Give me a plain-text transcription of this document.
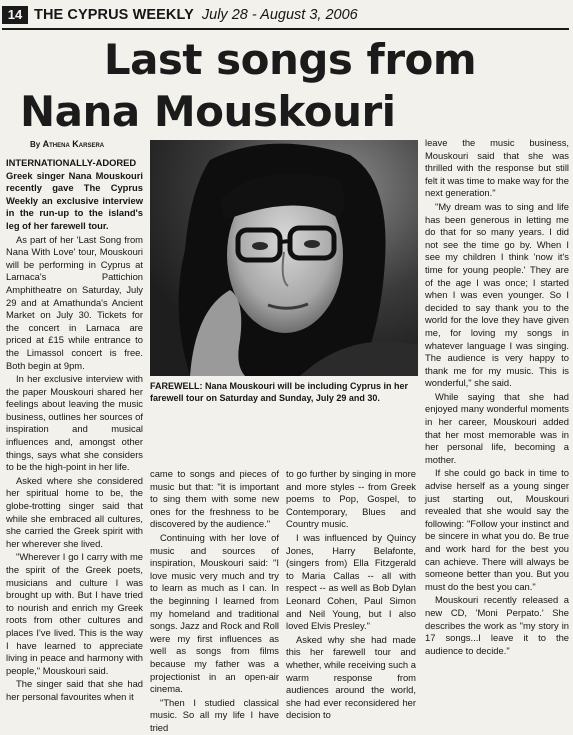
14 THE CYPRUS WEEKLY July 28 - August 3, 2006
Last songs from

Nana Mouskouri
By Athena Karsera

INTERNATIONALLY-ADORED Greek singer Nana Mouskouri recently gave The Cyprus Weekly an exclusive interview in the run-up to the island's leg of her farewell tour.

As part of her 'Last Song from Nana With Love' tour, Mouskouri will be performing in Cyprus at Larnaca's Pattichion Amphitheatre on Saturday, July 29 and at Amathunda's Ancient Market on July 30. Tickets for the concert in Larnaca are priced at £15 while entrance to the Limassol concert is free. Both begin at 9pm.

In her exclusive interview with the paper Mouskouri shared her feelings about leaving the music business, outlines her sources of inspiration and musical influences and, amongst other things, says what she considers to be the high-point in her life.

Asked where she considered her spiritual home to be, the globe-trotting singer said that while she embraced all cultures, she carried the Greek spirit with her wherever she lived.

"Wherever I go I carry with me the spirit of the Greek poets, musicians and culture I was brought up with. But I have tried to nourish and enrich my Greek roots from other cultures and places I've lived. This is the way I have learned to appreciate living in peace and harmony with people," Mouskouri said.

The singer said that she had her personal favourites when it

FAREWELL: Nana Mouskouri will be including Cyprus in her farewell tour on Saturday and Sunday, July 29 and 30.

came to songs and pieces of music but that: "it is important to sing them with some new ones for the freshness to be discovered by the audience."

Continuing with her love of music and sources of inspiration, Mouskouri said: "I love music very much and try to learn as much as I can. In the beginning I learned from my homeland and traditional songs. Jazz and Rock and Roll were my first influences as well as songs from films because my father was a projectionist in an open-air cinema.

"Then I studied classical music. So all my life I have tried

to go further by singing in more and more styles -- from Greek poems to Pop, Gospel, to Contemporary, Blues and Country music.

I was influenced by Quincy Jones, Harry Belafonte, (singers from) Ella Fitzgerald to Maria Callas -- all with respect -- as well as Bob Dylan Leonard Cohen, Paul Simon and Neil Young, but I also loved Elvis Presley."

Asked why she had made this her farewell tour and whether, while receiving such a warm response from audiences around the world, she had ever reconsidered her decision to

leave the music business, Mouskouri said that she was thrilled with the response but still felt it was time to make way for the next generation."

"My dream was to sing and life has been generous in letting me do that for so many years. I did not see the time go by. When I see my children I think 'now it's time for young people.' They are of the age I was once; I started when I was even younger. So I decided to say thank you to the world for the love they have given me, for loving my songs in whatever language I was singing. The audience is very happy to thank me for my music. This is wonderful," she said.

While saying that she had enjoyed many wonderful moments in her career, Mouskouri added that her most memorable was in her personal life, becoming a mother.

If she could go back in time to advise herself as a young singer just starting out, Mouskouri revealed that she would say the following: "Follow your instinct and be sincere in what you do. Be true and work hard for the best you can achieve. There will always be someone better than you. But you must do the best you can."

Mouskouri recently released a new CD, 'Moni Perpato.' She describes the work as "my story in 17 songs...I leave it to the audience to decide."
